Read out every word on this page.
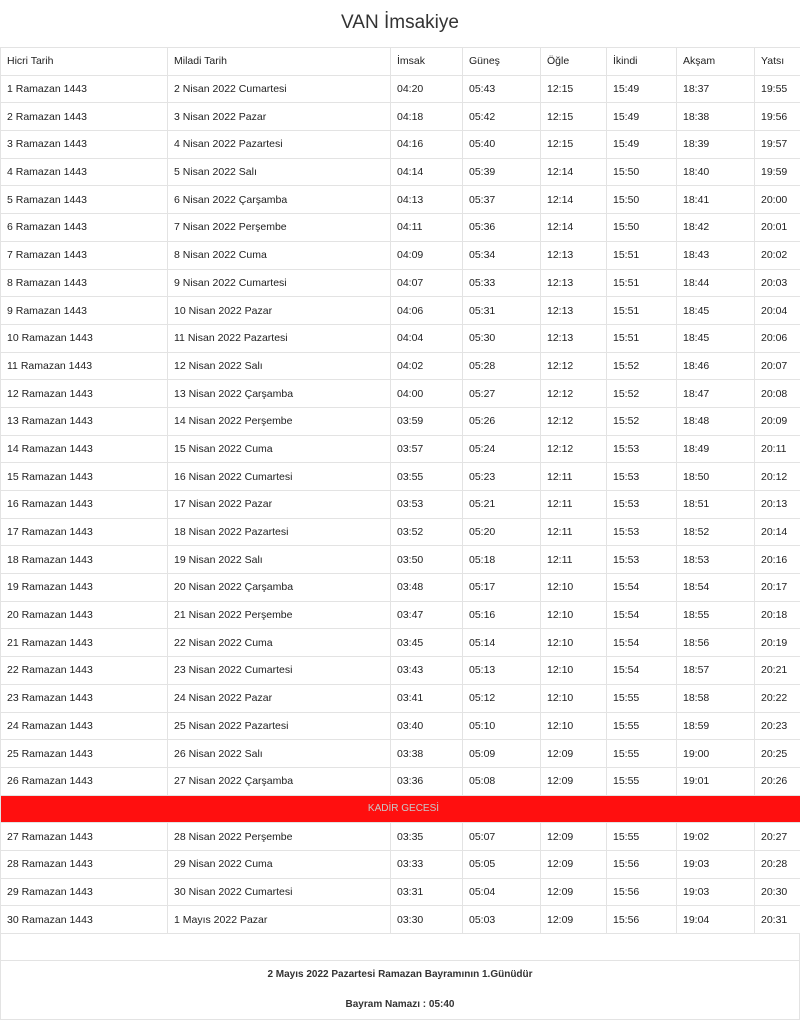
VAN İmsakiye
Hicri Tarih	Miladi Tarih	İmsak	Güneş	Öğle	İkindi	Akşam	Yatsı
1 Ramazan 1443	2 Nisan 2022 Cumartesi	04:20	05:43	12:15	15:49	18:37	19:55
2 Ramazan 1443	3 Nisan 2022 Pazar	04:18	05:42	12:15	15:49	18:38	19:56
3 Ramazan 1443	4 Nisan 2022 Pazartesi	04:16	05:40	12:15	15:49	18:39	19:57
4 Ramazan 1443	5 Nisan 2022 Salı	04:14	05:39	12:14	15:50	18:40	19:59
5 Ramazan 1443	6 Nisan 2022 Çarşamba	04:13	05:37	12:14	15:50	18:41	20:00
6 Ramazan 1443	7 Nisan 2022 Perşembe	04:11	05:36	12:14	15:50	18:42	20:01
7 Ramazan 1443	8 Nisan 2022 Cuma	04:09	05:34	12:13	15:51	18:43	20:02
8 Ramazan 1443	9 Nisan 2022 Cumartesi	04:07	05:33	12:13	15:51	18:44	20:03
9 Ramazan 1443	10 Nisan 2022 Pazar	04:06	05:31	12:13	15:51	18:45	20:04
10 Ramazan 1443	11 Nisan 2022 Pazartesi	04:04	05:30	12:13	15:51	18:45	20:06
11 Ramazan 1443	12 Nisan 2022 Salı	04:02	05:28	12:12	15:52	18:46	20:07
12 Ramazan 1443	13 Nisan 2022 Çarşamba	04:00	05:27	12:12	15:52	18:47	20:08
13 Ramazan 1443	14 Nisan 2022 Perşembe	03:59	05:26	12:12	15:52	18:48	20:09
14 Ramazan 1443	15 Nisan 2022 Cuma	03:57	05:24	12:12	15:53	18:49	20:11
15 Ramazan 1443	16 Nisan 2022 Cumartesi	03:55	05:23	12:11	15:53	18:50	20:12
16 Ramazan 1443	17 Nisan 2022 Pazar	03:53	05:21	12:11	15:53	18:51	20:13
17 Ramazan 1443	18 Nisan 2022 Pazartesi	03:52	05:20	12:11	15:53	18:52	20:14
18 Ramazan 1443	19 Nisan 2022 Salı	03:50	05:18	12:11	15:53	18:53	20:16
19 Ramazan 1443	20 Nisan 2022 Çarşamba	03:48	05:17	12:10	15:54	18:54	20:17
20 Ramazan 1443	21 Nisan 2022 Perşembe	03:47	05:16	12:10	15:54	18:55	20:18
21 Ramazan 1443	22 Nisan 2022 Cuma	03:45	05:14	12:10	15:54	18:56	20:19
22 Ramazan 1443	23 Nisan 2022 Cumartesi	03:43	05:13	12:10	15:54	18:57	20:21
23 Ramazan 1443	24 Nisan 2022 Pazar	03:41	05:12	12:10	15:55	18:58	20:22
24 Ramazan 1443	25 Nisan 2022 Pazartesi	03:40	05:10	12:10	15:55	18:59	20:23
25 Ramazan 1443	26 Nisan 2022 Salı	03:38	05:09	12:09	15:55	19:00	20:25
26 Ramazan 1443	27 Nisan 2022 Çarşamba	03:36	05:08	12:09	15:55	19:01	20:26
KADİR GECESİ							
27 Ramazan 1443	28 Nisan 2022 Perşembe	03:35	05:07	12:09	15:55	19:02	20:27
28 Ramazan 1443	29 Nisan 2022 Cuma	03:33	05:05	12:09	15:56	19:03	20:28
29 Ramazan 1443	30 Nisan 2022 Cumartesi	03:31	05:04	12:09	15:56	19:03	20:30
30 Ramazan 1443	1 Mayıs 2022 Pazar	03:30	05:03	12:09	15:56	19:04	20:31
2 Mayıs 2022 Pazartesi Ramazan Bayramının 1.Günüdür
Bayram Namazı : 05:40
